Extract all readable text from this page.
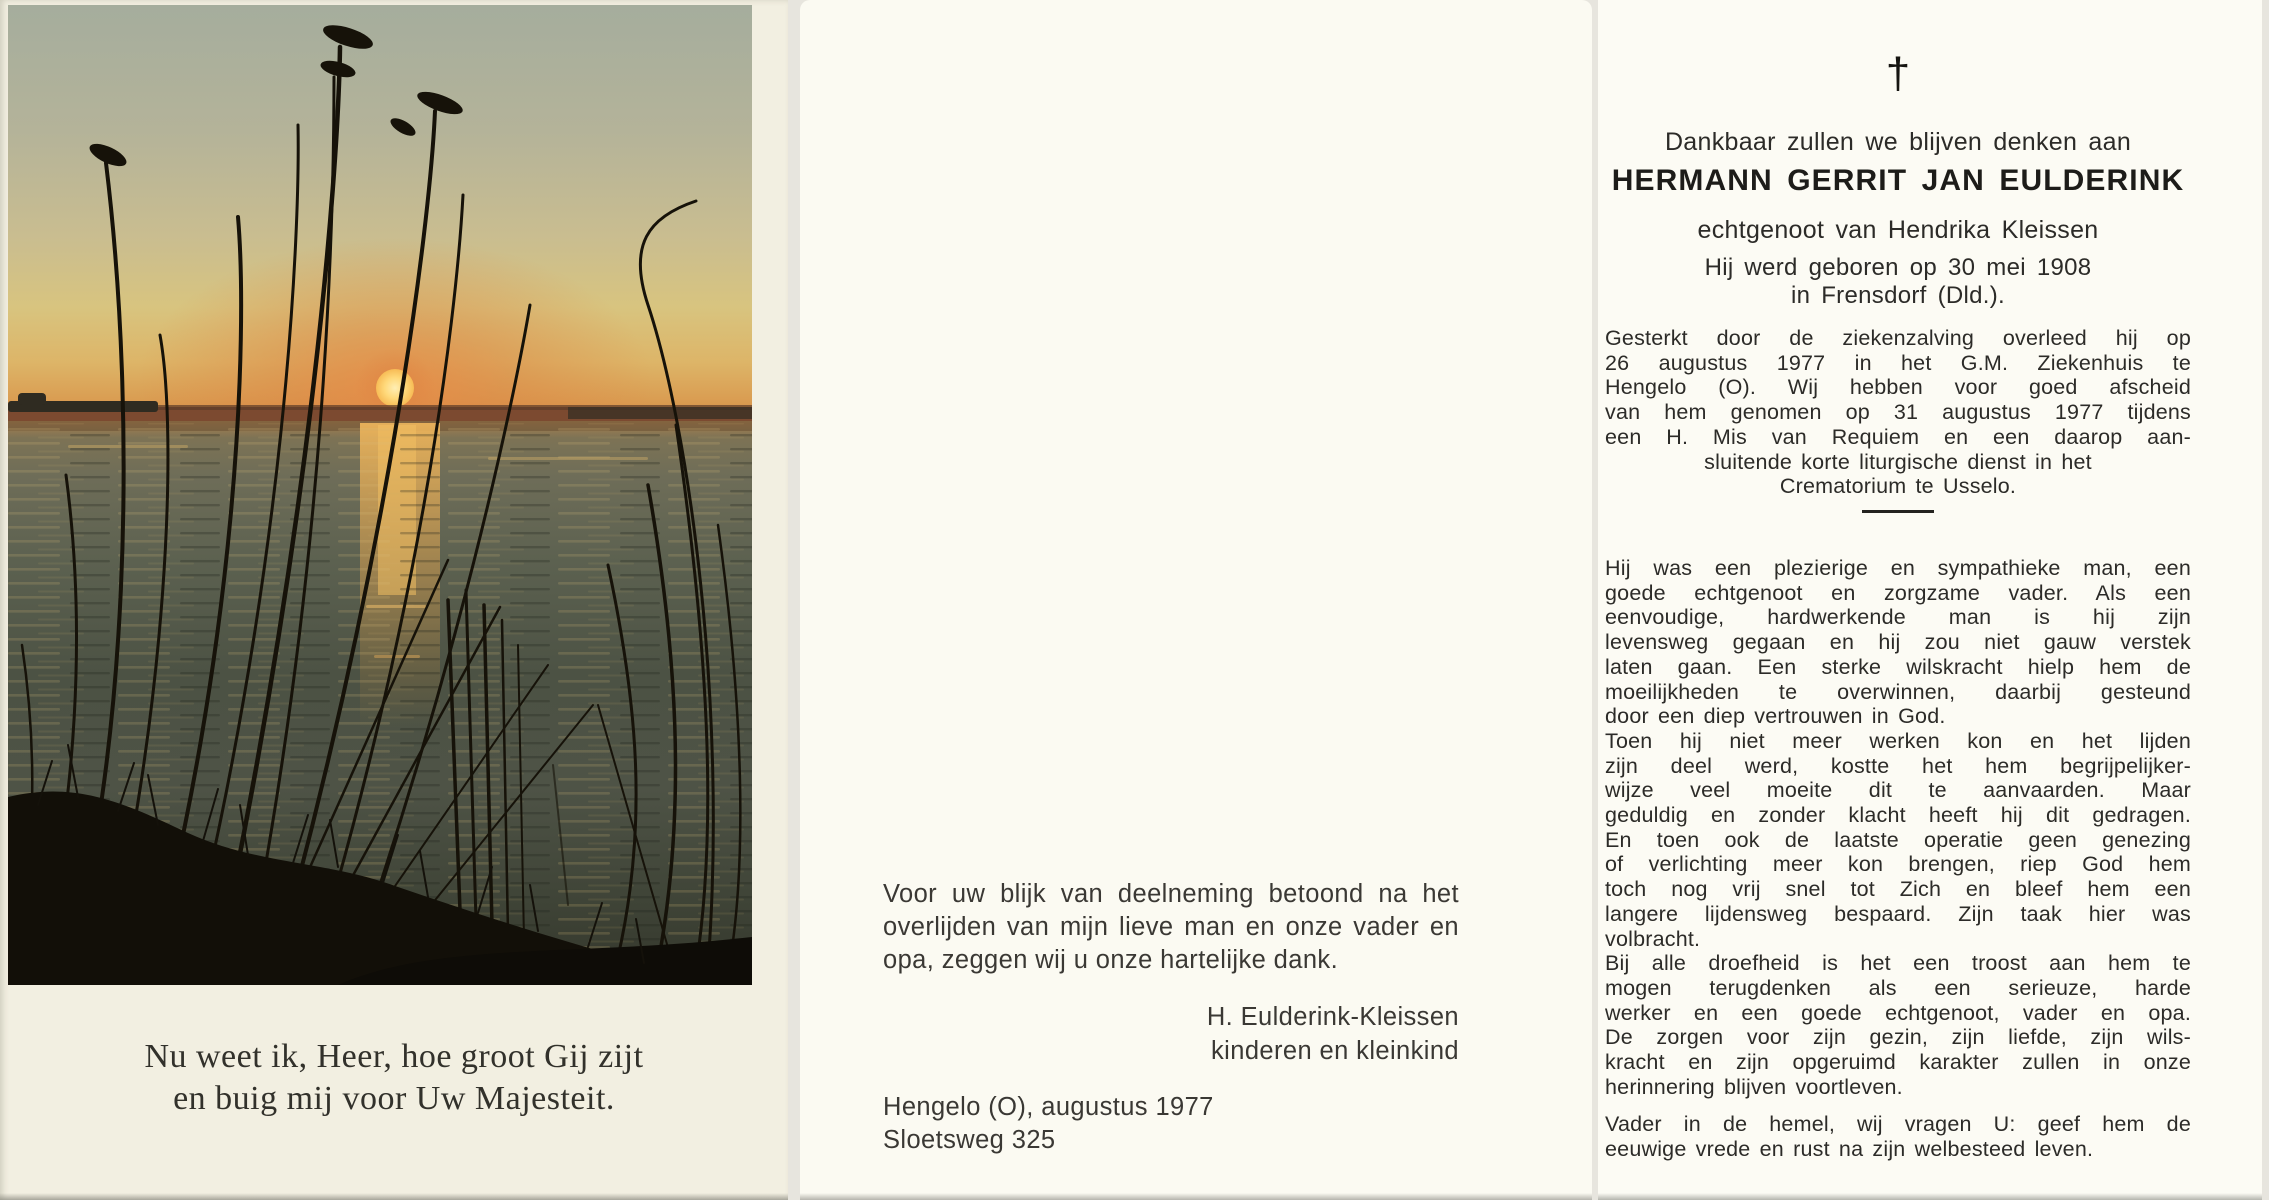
Nu weet ik, Heer, hoe groot Gij zijt
en buig mij voor Uw Majesteit.
Voor uw blijk van deelneming betoond na het
overlijden van mijn lieve man en onze vader en
opa, zeggen wij u onze hartelijke dank.
H. Eulderink-Kleissen
kinderen en kleinkind
Hengelo (O), augustus 1977
Sloetsweg 325
†
Dankbaar zullen we blijven denken aan
HERMANN GERRIT JAN EULDERINK
echtgenoot van Hendrika Kleissen
Hij werd geboren op 30 mei 1908
in Frensdorf (Dld.).
Gesterkt door de ziekenzalving overleed hij op
26 augustus 1977 in het G.M. Ziekenhuis te
Hengelo (O). Wij hebben voor goed afscheid
van hem genomen op 31 augustus 1977 tijdens
een H. Mis van Requiem en een daarop aan-
sluitende korte liturgische dienst in het
Crematorium te Usselo.
Hij was een plezierige en sympathieke man, een
goede echtgenoot en zorgzame vader. Als een
eenvoudige, hardwerkende man is hij zijn
levensweg gegaan en hij zou niet gauw verstek
laten gaan. Een sterke wilskracht hielp hem de
moeilijkheden te overwinnen, daarbij gesteund
door een diep vertrouwen in God.
Toen hij niet meer werken kon en het lijden
zijn deel werd, kostte het hem begrijpelijker-
wijze veel moeite dit te aanvaarden. Maar
geduldig en zonder klacht heeft hij dit gedragen.
En toen ook de laatste operatie geen genezing
of verlichting meer kon brengen, riep God hem
toch nog vrij snel tot Zich en bleef hem een
langere lijdensweg bespaard. Zijn taak hier was
volbracht.
Bij alle droefheid is het een troost aan hem te
mogen terugdenken als een serieuze, harde
werker en een goede echtgenoot, vader en opa.
De zorgen voor zijn gezin, zijn liefde, zijn wils-
kracht en zijn opgeruimd karakter zullen in onze
herinnering blijven voortleven.
Vader in de hemel, wij vragen U: geef hem de
eeuwige vrede en rust na zijn welbesteed leven.
